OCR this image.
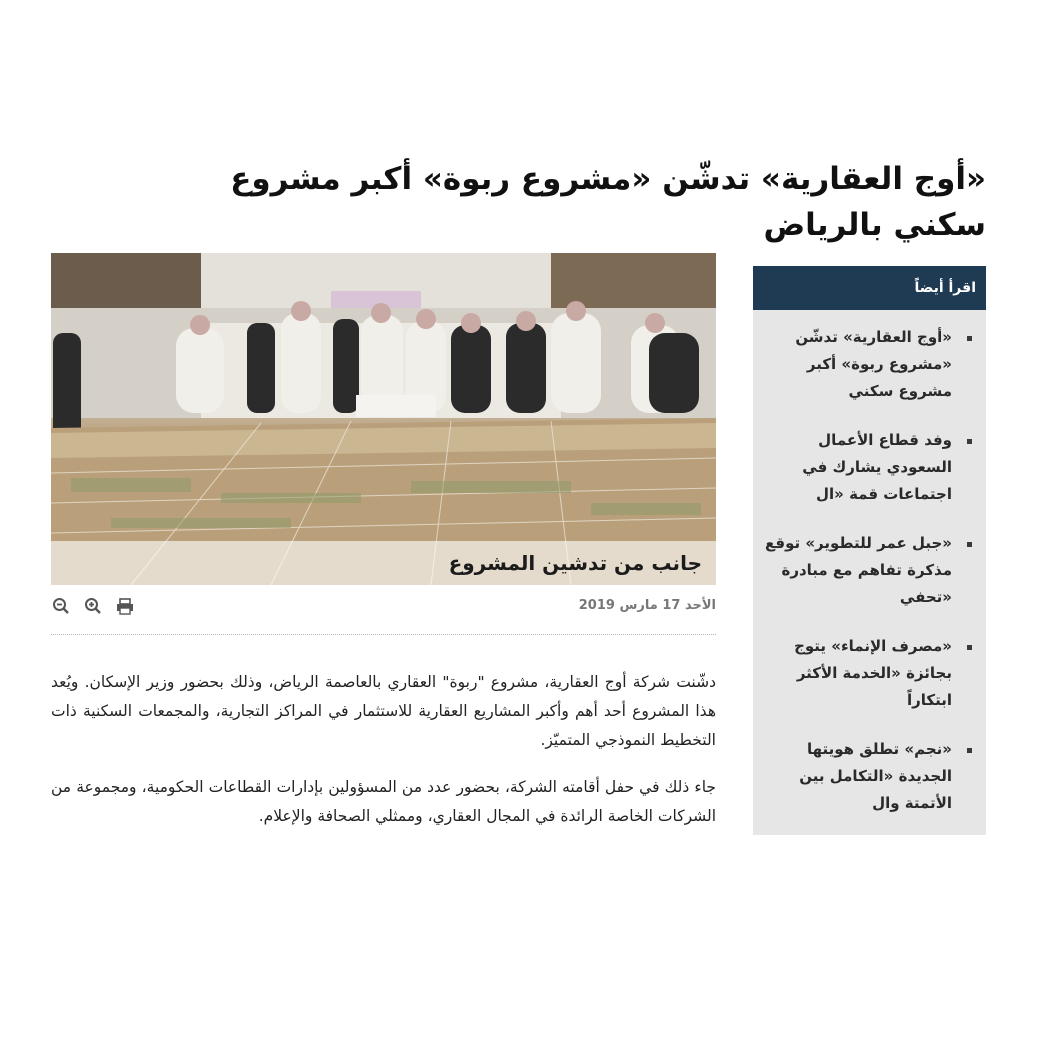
«أوج العقارية» تدشّن «مشروع ربوة» أكبر مشروع سكني بالرياض
جانب من تدشين المشروع
الأحد 17 مارس 2019

دشّنت شركة أوج العقارية، مشروع "ربوة" العقاري بالعاصمة الرياض، وذلك بحضور وزير الإسكان. ويُعد هذا المشروع أحد أهم وأكبر المشاريع العقارية للاستثمار في المراكز التجارية، والمجمعات السكنية ذات التخطيط النموذجي المتميّز.

جاء ذلك في حفل أقامته الشركة، بحضور عدد من المسؤولين بإدارات القطاعات الحكومية، ومجموعة من الشركات الخاصة الرائدة في المجال العقاري، وممثلي الصحافة والإعلام.

اقرأ أيضاً
«أوج العقارية» تدشّن «مشروع ربوة» أكبر مشروع سكني
وفد قطاع الأعمال السعودي يشارك في اجتماعات قمة «ال
«جبل عمر للتطوير» توقع مذكرة تفاهم مع مبادرة «تحفي
«مصرف الإنماء» يتوج بجائزة «الخدمة الأكثر ابتكاراً
«نجم» تطلق هويتها الجديدة «التكامل بين الأتمتة وال
